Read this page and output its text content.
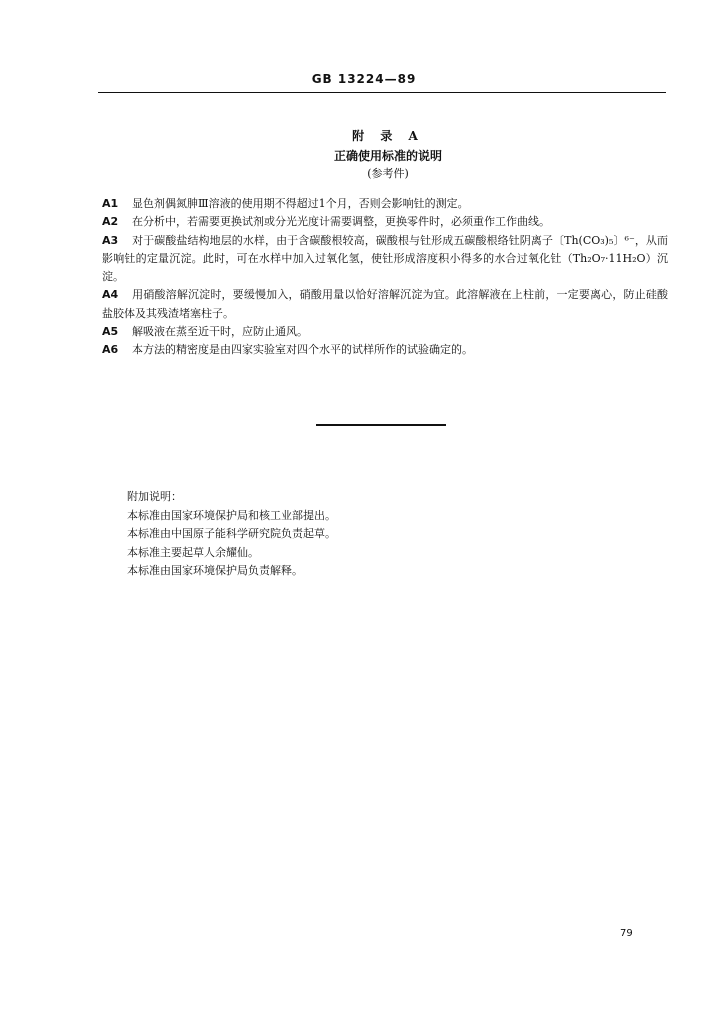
GB 13224—89
附 录 A
正确使用标准的说明
(参考件)

A1 显色剂偶氮胂Ⅲ溶液的使用期不得超过1个月，否则会影响钍的测定。

A2 在分析中，若需要更换试剂或分光光度计需要调整，更换零件时，必须重作工作曲线。

A3 对于碳酸盐结构地层的水样，由于含碳酸根较高，碳酸根与钍形成五碳酸根络钍阴离子〔Th(CO₃)₅〕⁶⁻，从而影响钍的定量沉淀。此时，可在水样中加入过氧化氢，使钍形成溶度积小得多的水合过氧化钍（Th₂O₇·11H₂O）沉淀。

A4 用硝酸溶解沉淀时，要缓慢加入，硝酸用量以恰好溶解沉淀为宜。此溶解液在上柱前，一定要离心，防止硅酸盐胶体及其残渣堵塞柱子。

A5 解吸液在蒸至近干时，应防止通风。

A6 本方法的精密度是由四家实验室对四个水平的试样所作的试验确定的。

附加说明：
本标准由国家环境保护局和核工业部提出。
本标准由中国原子能科学研究院负责起草。
本标准主要起草人余耀仙。
本标准由国家环境保护局负责解释。
79
